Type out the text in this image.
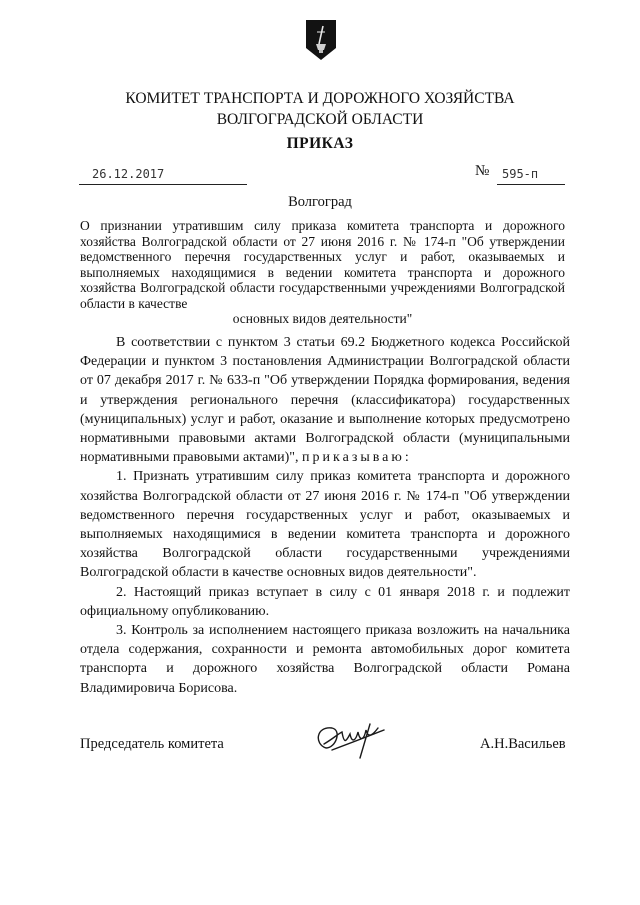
КОМИТЕТ ТРАНСПОРТА И ДОРОЖНОГО ХОЗЯЙСТВА
ВОЛГОГРАДСКОЙ ОБЛАСТИ
ПРИКАЗ
26.12.2017	№ 595-п
Волгоград
О признании утратившим силу приказа комитета транспорта и дорожного хозяйства Волгоградской области от 27 июня 2016 г. № 174-п "Об утверждении ведомственного перечня государственных услуг и работ, оказываемых и выполняемых находящимися в ведении комитета транспорта и дорожного хозяйства Волгоградской области государственными учреждениями Волгоградской области в качестве
основных видов деятельности"

В соответствии с пунктом 3 статьи 69.2 Бюджетного кодекса Российской Федерации и пунктом 3 постановления Администрации Волгоградской области от 07 декабря 2017 г. № 633-п "Об утверждении Порядка формирования, ведения и утверждения регионального перечня (классификатора) государственных (муниципальных) услуг и работ, оказание и выполнение которых предусмотрено нормативными правовыми актами Волгоградской области (муниципальными нормативными правовыми актами)", приказываю:

1. Признать утратившим силу приказ комитета транспорта и дорожного хозяйства Волгоградской области от 27 июня 2016 г. № 174-п "Об утверждении ведомственного перечня государственных услуг и работ, оказываемых и выполняемых находящимися в ведении комитета транспорта и дорожного хозяйства Волгоградской области государственными учреждениями Волгоградской области в качестве основных видов деятельности".

2. Настоящий приказ вступает в силу с 01 января 2018 г. и подлежит официальному опубликованию.

3. Контроль за исполнением настоящего приказа возложить на начальника отдела содержания, сохранности и ремонта автомобильных дорог комитета транспорта и дорожного хозяйства Волгоградской области Романа Владимировича Борисова.

Председатель комитета	А.Н.Васильев
